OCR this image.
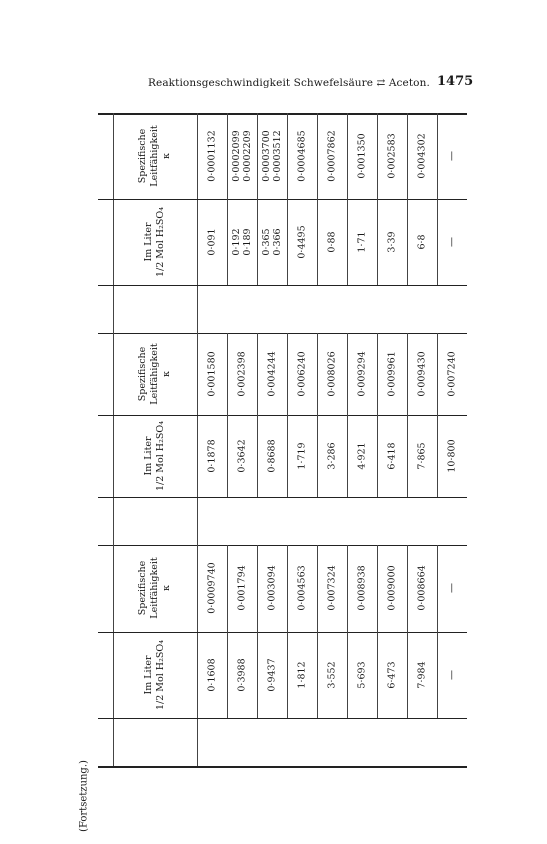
Reaktionsgeschwindigkeit Schwefelsäure ⇄ Aceton. 1475
(Fortsetzung.)
Im Liter
1/2 Mol H₂SO₄
Spezifische
Leitfähigkeit
κ
0·1608
0·0009740
0·3988
0·001794
0·9437
0·003094
1·812
0·004563
3·552
0·007324
5·693
0·008938
6·473
0·009000
7·984
0·008664
—
—
Im Liter
1/2 Mol H₂SO₄
Spezifische
Leitfähigkeit
κ
0·1878
0·001580
0·3642
0·002398
0·8688
0·004244
1·719
0·006240
3·286
0·008026
4·921
0·009294
6·418
0·009961
7·865
0·009430
10·800
0·007240
Im Liter
1/2 Mol H₂SO₄
Spezifische
Leitfähigkeit
κ
0·091
0·0001132
0·192
0·189
0·0002099
0·0002209
0·365
0·366
0·0003700
0·0003512
0·4495
0·0004685
0·88
0·0007862
1·71
0·001350
3·39
0·002583
6·8
0·004302
—
—
